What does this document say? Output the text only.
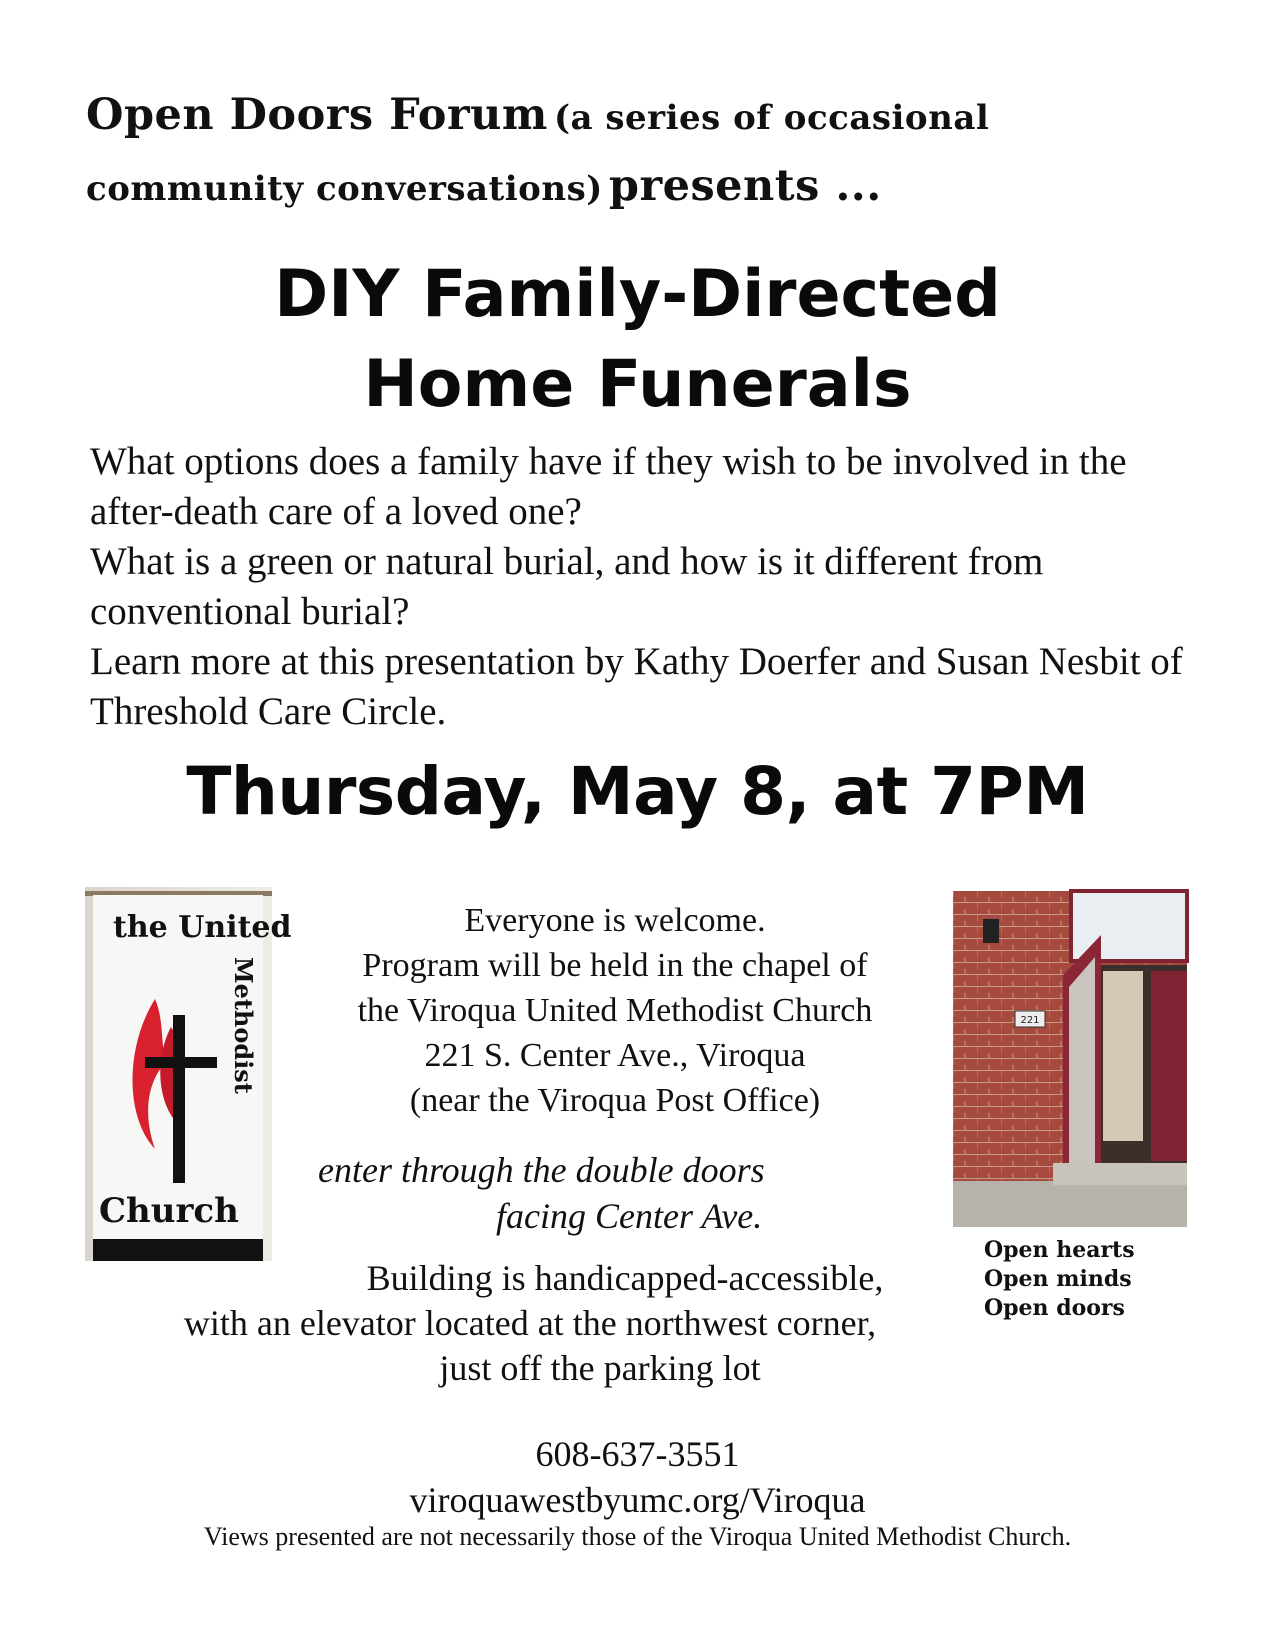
Open Doors Forum (a series of occasional community conversations) presents ...
DIY Family-Directed
Home Funerals

What options does a family have if they wish to be involved in the after-death care of a loved one?

What is a green or natural burial, and how is it different from conventional burial?

Learn more at this presentation by Kathy Doerfer and Susan Nesbit of Threshold Care Circle.

Thursday, May 8, at 7PM
the United
Church
Methodist	221
Open hearts
Open minds
Open doors
Everyone is welcome.
Program will be held in the chapel of
the Viroqua United Methodist Church
221 S. Center Ave., Viroqua
(near the Viroqua Post Office)
enter through the double doors
facing Center Ave.
Building is handicapped-accessible,
with an elevator located at the northwest corner,
just off the parking lot
608-637-3551
viroquawestbyumc.org/Viroqua
Views presented are not necessarily those of the Viroqua United Methodist Church.
